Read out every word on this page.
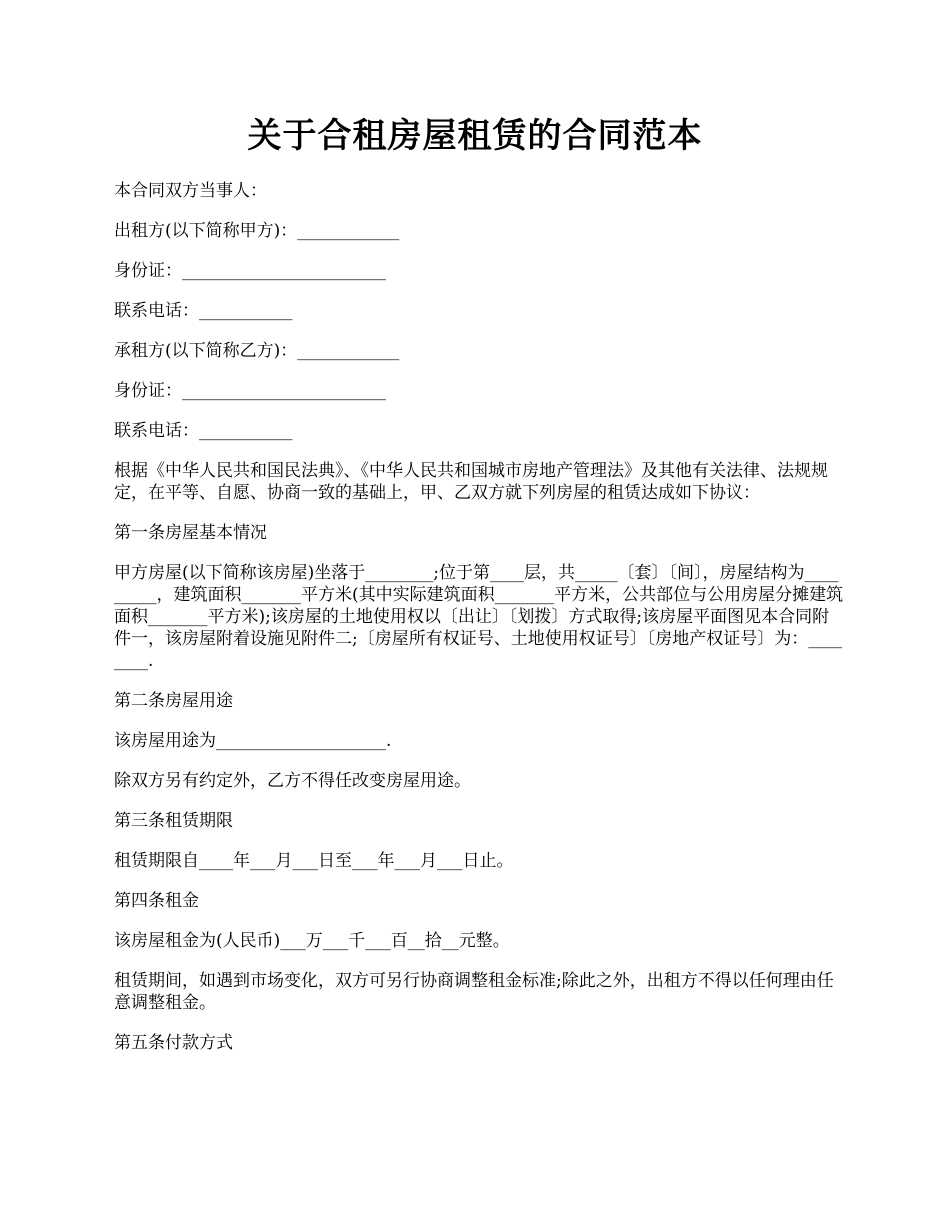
关于合租房屋租赁的合同范本

本合同双方当事人：

出租方(以下简称甲方)：____________

身份证：________________________

联系电话：___________

承租方(以下简称乙方)：____________

身份证：________________________

联系电话：___________

根据《中华人民共和国民法典》、《中华人民共和国城市房地产管理法》及其他有关法律、法规规定，在平等、自愿、协商一致的基础上，甲、乙双方就下列房屋的租赁达成如下协议：

第一条房屋基本情况

甲方房屋(以下简称该房屋)坐落于________;位于第____层，共_____〔套〕〔间〕，房屋结构为_________，建筑面积_______平方米(其中实际建筑面积_______平方米，公共部位与公用房屋分摊建筑面积_______平方米);该房屋的土地使用权以〔出让〕〔划拨〕方式取得;该房屋平面图见本合同附件一，该房屋附着设施见附件二;〔房屋所有权证号、土地使用权证号〕〔房地产权证号〕为：________.

第二条房屋用途

该房屋用途为____________________.

除双方另有约定外，乙方不得任改变房屋用途。

第三条租赁期限

租赁期限自____年___月___日至___年___月___日止。

第四条租金

该房屋租金为(人民币)___万___千___百__拾__元整。

租赁期间，如遇到市场变化，双方可另行协商调整租金标准;除此之外，出租方不得以任何理由任意调整租金。

第五条付款方式
